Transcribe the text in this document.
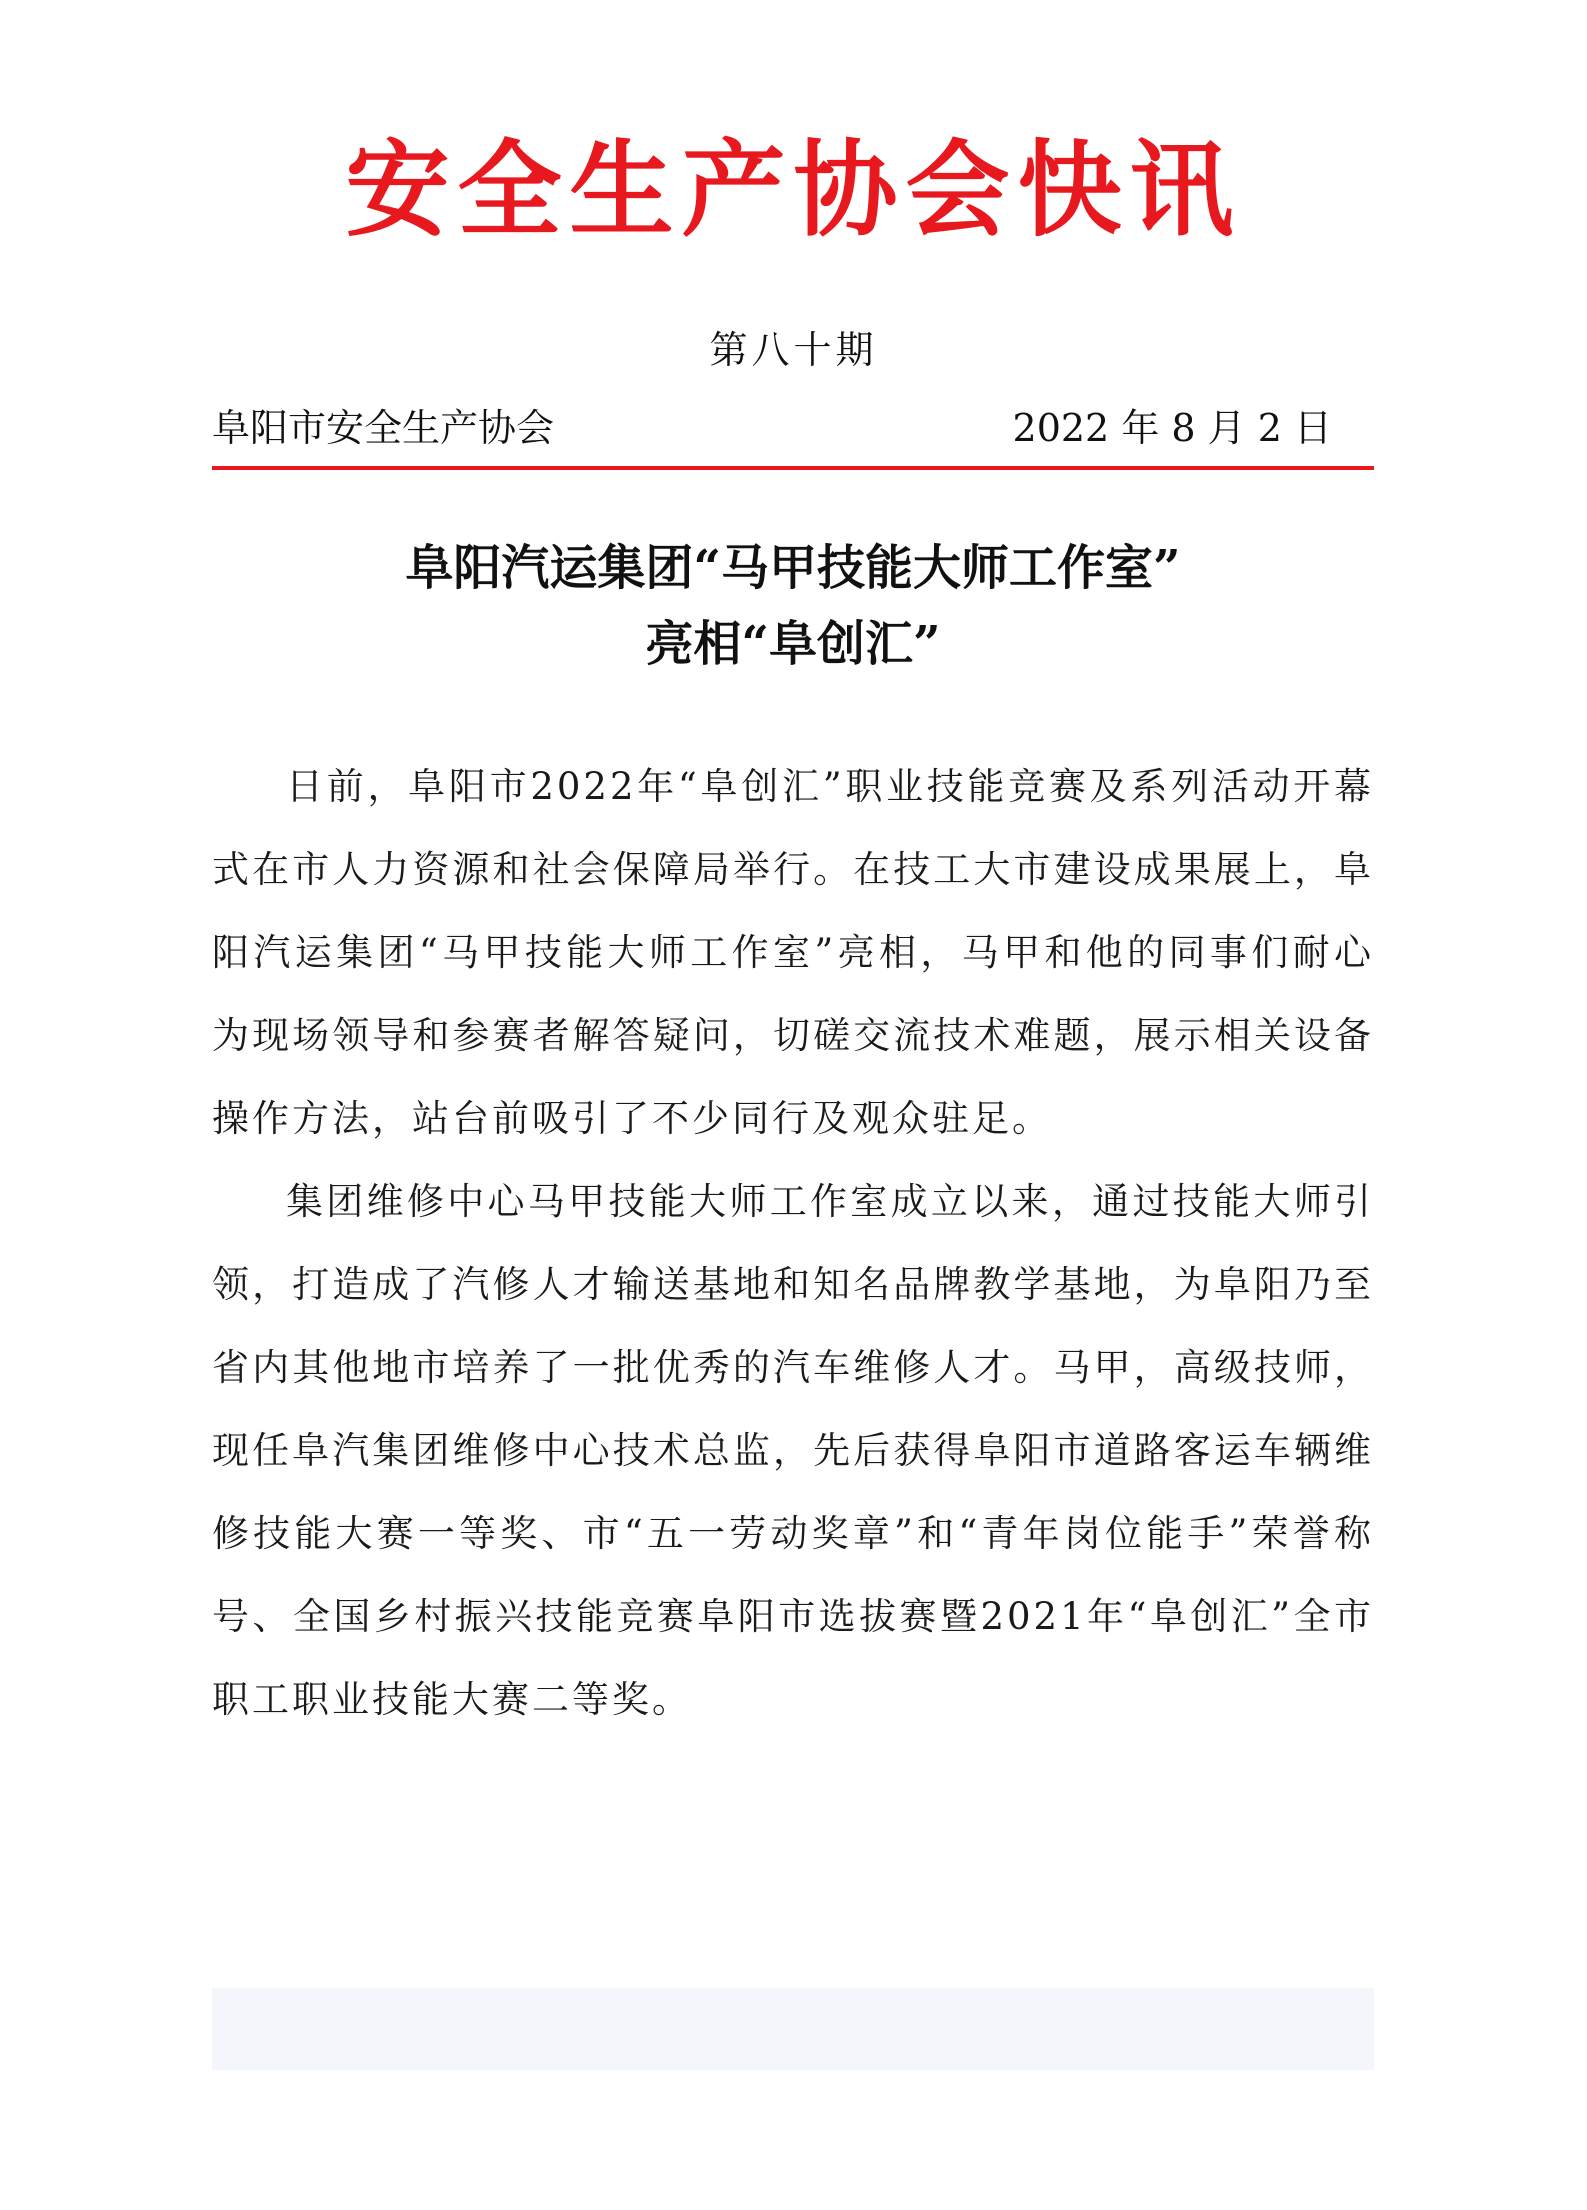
安全生产协会快讯
第八十期
阜阳市安全生产协会	2022 年 8 月 2 日
阜阳汽运集团“马甲技能大师工作室”
亮相“阜创汇”

日前，阜阳市2022年“阜创汇”职业技能竞赛及系列活动开幕式在市人力资源和社会保障局举行。在技工大市建设成果展上，阜阳汽运集团“马甲技能大师工作室”亮相，马甲和他的同事们耐心为现场领导和参赛者解答疑问，切磋交流技术难题，展示相关设备操作方法，站台前吸引了不少同行及观众驻足。

集团维修中心马甲技能大师工作室成立以来，通过技能大师引领，打造成了汽修人才输送基地和知名品牌教学基地，为阜阳乃至省内其他地市培养了一批优秀的汽车维修人才。马甲，高级技师，现任阜汽集团维修中心技术总监，先后获得阜阳市道路客运车辆维修技能大赛一等奖、市“五一劳动奖章”和“青年岗位能手”荣誉称号、全国乡村振兴技能竞赛阜阳市选拔赛暨2021年“阜创汇”全市职工职业技能大赛二等奖。
